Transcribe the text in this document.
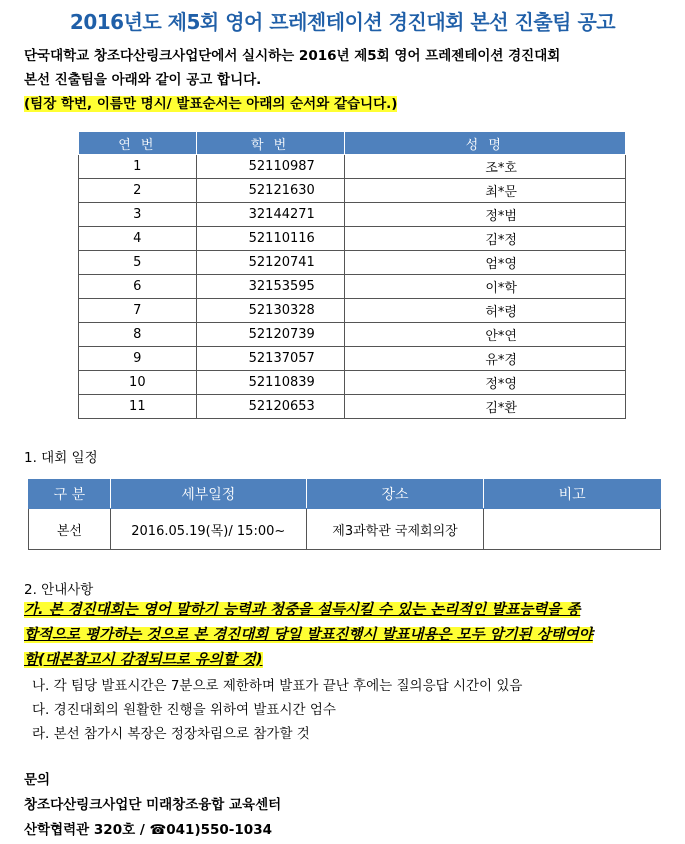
2016년도 제5회 영어 프레젠테이션 경진대회 본선 진출팀 공고
단국대학교 창조다산링크사업단에서 실시하는 2016년 제5회 영어 프레젠테이션 경진대회
본선 진출팀을 아래와 같이 공고 합니다.
(팀장 학번, 이름만 명시/ 발표순서는 아래의 순서와 같습니다.)
연 번	학 번	성 명
1	52110987	조*호
2	52121630	최*문
3	32144271	정*범
4	52110116	김*정
5	52120741	엄*영
6	32153595	이*학
7	52130328	허*령
8	52120739	안*연
9	52137057	유*경
10	52110839	정*영
11	52120653	김*환
1. 대회 일정
구 분	세부일정	장소	비고
본선	2016.05.19(목)/ 15:00~	제3과학관 국제회의장	
2. 안내사항
가. 본 경진대회는 영어 말하기 능력과 청중을 설득시킬 수 있는 논리적인 발표능력을 종
합적으로 평가하는 것으로 본 경진대회 당일 발표진행시 발표내용은 모두 암기된 상태여야
함(대본참고시 감점되므로 유의할 것)
나. 각 팀당 발표시간은 7분으로 제한하며 발표가 끝난 후에는 질의응답 시간이 있음
다. 경진대회의 원활한 진행을 위하여 발표시간 엄수
라. 본선 참가시 복장은 정장차림으로 참가할 것
문의
창조다산링크사업단 미래창조융합 교육센터
산학협력관 320호 / ☎041)550-1034
